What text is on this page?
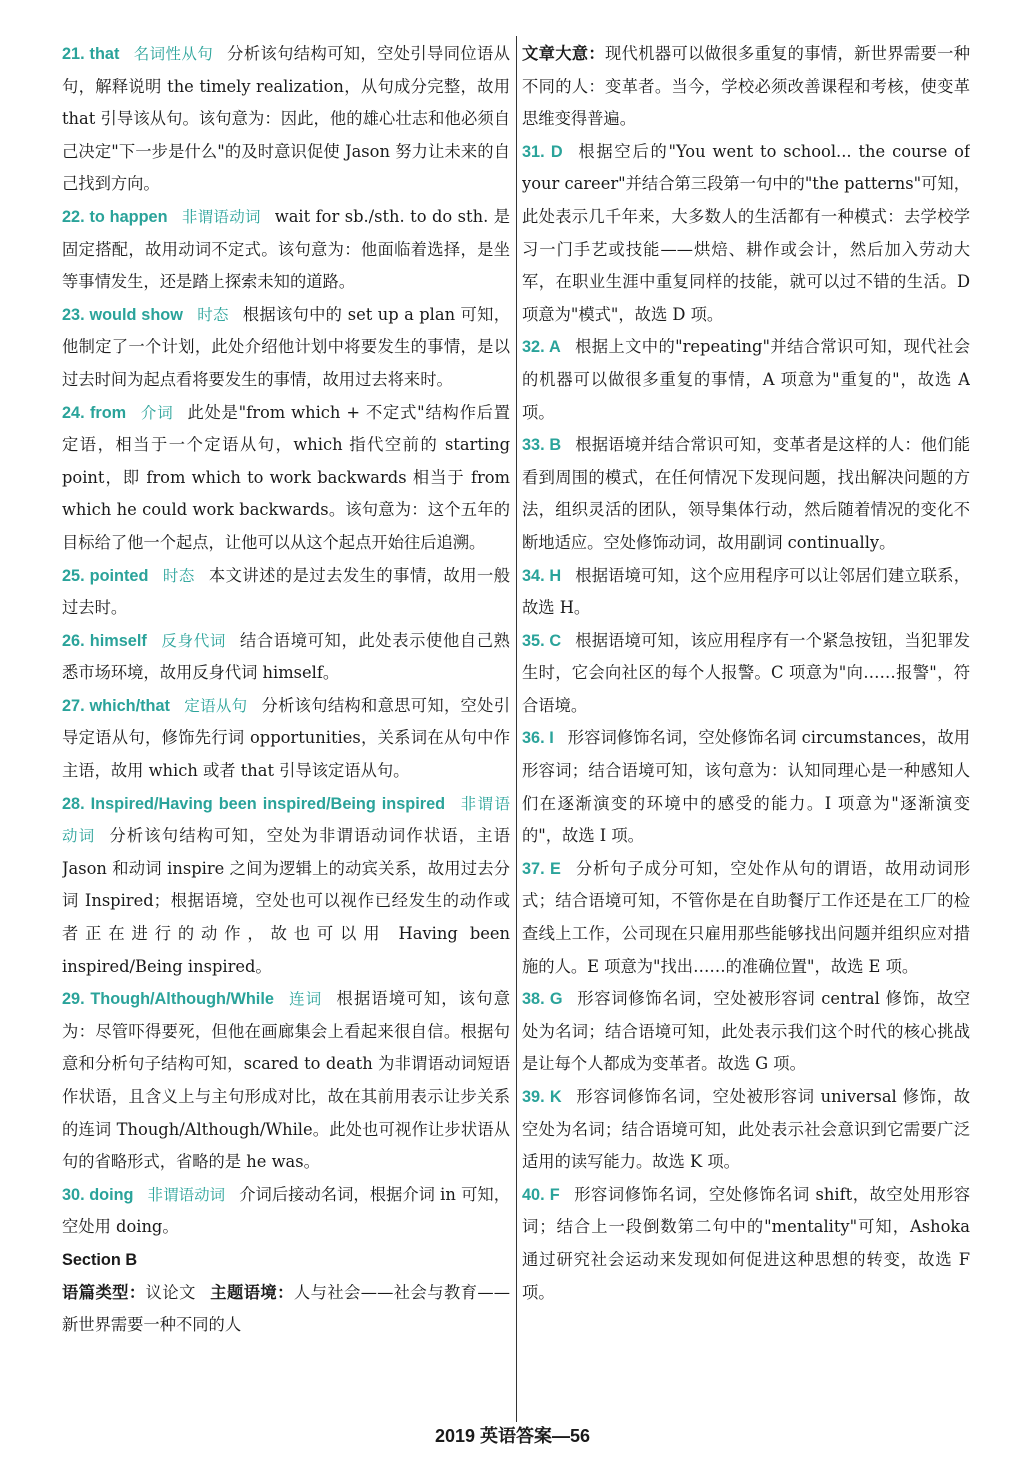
21. that 名词性从句 分析该句结构可知，空处引导同位语从句，解释说明 the timely realization，从句成分完整，故用 that 引导该从句。该句意为：因此，他的雄心壮志和他必须自己决定"下一步是什么"的及时意识促使 Jason 努力让未来的自己找到方向。

22. to happen 非谓语动词 wait for sb./sth. to do sth. 是固定搭配，故用动词不定式。该句意为：他面临着选择，是坐等事情发生，还是踏上探索未知的道路。

23. would show 时态 根据该句中的 set up a plan 可知，他制定了一个计划，此处介绍他计划中将要发生的事情，是以过去时间为起点看将要发生的事情，故用过去将来时。

24. from 介词 此处是"from which + 不定式"结构作后置定语，相当于一个定语从句，which 指代空前的 starting point，即 from which to work backwards 相当于 from which he could work backwards。该句意为：这个五年的目标给了他一个起点，让他可以从这个起点开始往后追溯。

25. pointed 时态 本文讲述的是过去发生的事情，故用一般过去时。

26. himself 反身代词 结合语境可知，此处表示使他自己熟悉市场环境，故用反身代词 himself。

27. which/that 定语从句 分析该句结构和意思可知，空处引导定语从句，修饰先行词 opportunities，关系词在从句中作主语，故用 which 或者 that 引导该定语从句。

28. Inspired/Having been inspired/Being inspired 非谓语动词 分析该句结构可知，空处为非谓语动词作状语，主语 Jason 和动词 inspire 之间为逻辑上的动宾关系，故用过去分词 Inspired；根据语境，空处也可以视作已经发生的动作或者正在进行的动作，故也可以用 Having been inspired/Being inspired。

29. Though/Although/While 连词 根据语境可知，该句意为：尽管吓得要死，但他在画廊集会上看起来很自信。根据句意和分析句子结构可知，scared to death 为非谓语动词短语作状语，且含义上与主句形成对比，故在其前用表示让步关系的连词 Though/Although/While。此处也可视作让步状语从句的省略形式，省略的是 he was。

30. doing 非谓语动词 介词后接动名词，根据介词 in 可知，空处用 doing。

Section B

语篇类型：议论文 主题语境：人与社会——社会与教育——新世界需要一种不同的人

文章大意：现代机器可以做很多重复的事情，新世界需要一种不同的人：变革者。当今，学校必须改善课程和考核，使变革思维变得普遍。

31. D 根据空后的"You went to school... the course of your career"并结合第三段第一句中的"the patterns"可知，此处表示几千年来，大多数人的生活都有一种模式：去学校学习一门手艺或技能——烘焙、耕作或会计，然后加入劳动大军，在职业生涯中重复同样的技能，就可以过不错的生活。D 项意为"模式"，故选 D 项。

32. A 根据上文中的"repeating"并结合常识可知，现代社会的机器可以做很多重复的事情，A 项意为"重复的"，故选 A 项。

33. B 根据语境并结合常识可知，变革者是这样的人：他们能看到周围的模式，在任何情况下发现问题，找出解决问题的方法，组织灵活的团队，领导集体行动，然后随着情况的变化不断地适应。空处修饰动词，故用副词 continually。

34. H 根据语境可知，这个应用程序可以让邻居们建立联系，故选 H。

35. C 根据语境可知，该应用程序有一个紧急按钮，当犯罪发生时，它会向社区的每个人报警。C 项意为"向……报警"，符合语境。

36. I 形容词修饰名词，空处修饰名词 circumstances，故用形容词；结合语境可知，该句意为：认知同理心是一种感知人们在逐渐演变的环境中的感受的能力。I 项意为"逐渐演变的"，故选 I 项。

37. E 分析句子成分可知，空处作从句的谓语，故用动词形式；结合语境可知，不管你是在自助餐厅工作还是在工厂的检查线上工作，公司现在只雇用那些能够找出问题并组织应对措施的人。E 项意为"找出……的准确位置"，故选 E 项。

38. G 形容词修饰名词，空处被形容词 central 修饰，故空处为名词；结合语境可知，此处表示我们这个时代的核心挑战是让每个人都成为变革者。故选 G 项。

39. K 形容词修饰名词，空处被形容词 universal 修饰，故空处为名词；结合语境可知，此处表示社会意识到它需要广泛适用的读写能力。故选 K 项。

40. F 形容词修饰名词，空处修饰名词 shift，故空处用形容词；结合上一段倒数第二句中的"mentality"可知，Ashoka 通过研究社会运动来发现如何促进这种思想的转变，故选 F 项。

2019 英语答案—56
